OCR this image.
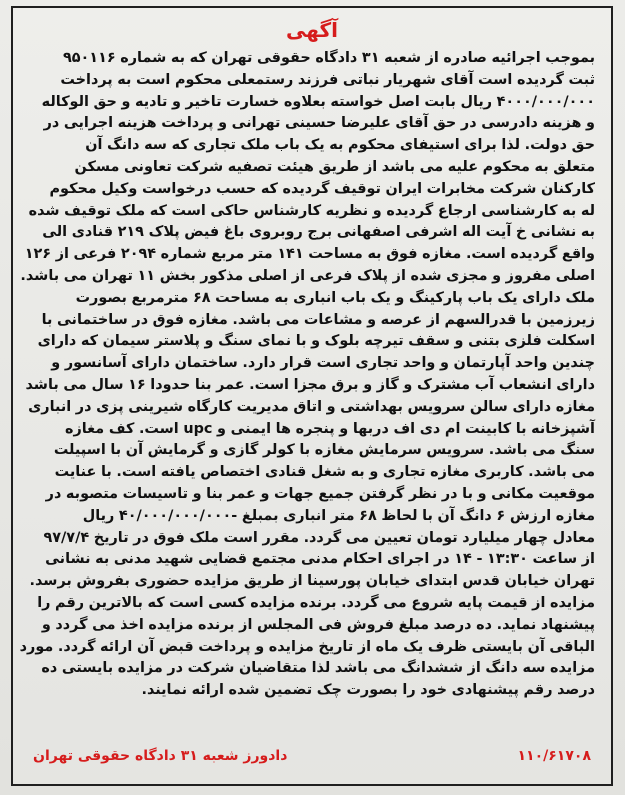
آگهی
بموجب اجرائیه صادره از شعبه ۳۱ دادگاه حقوقی تهران که به شماره ۹۵۰۱۱۶
ثبت گردیده است آقای شهریار نباتی فرزند رستمعلی محکوم است به پرداخت
۴۰۰۰/۰۰۰/۰۰۰ ریال بابت اصل خواسته بعلاوه خسارت تاخیر و تادیه و حق الوکاله
و هزینه دادرسی در حق آقای علیرضا حسینی تهرانی و پرداخت هزینه اجرایی در
حق دولت. لذا برای استیفای محکوم به یک باب ملک تجاری که سه دانگ آن
متعلق به محکوم علیه می باشد از طریق هیئت تصفیه شرکت تعاونی مسکن
کارکنان شرکت مخابرات ایران توقیف گردیده که حسب درخواست وکیل محکوم
له به کارشناسی ارجاع گردیده و نظریه کارشناس حاکی است که ملک توقیف شده
به نشانی خ آیت اله اشرفی اصفهانی برج روبروی باغ فیض پلاک ۲۱۹ قنادی الی
واقع گردیده است. مغازه فوق به مساحت ۱۴۱ متر مربع شماره ۲۰۹۴ فرعی از ۱۲۶
اصلی مفروز و مجزی شده از پلاک فرعی از اصلی مذکور بخش ۱۱ تهران می باشد.
ملک دارای یک باب پارکینگ و یک باب انباری به مساحت ۶۸ مترمربع بصورت
زیرزمین با قدرالسهم از عرصه و مشاعات می باشد. مغازه فوق در ساختمانی با
اسکلت فلزی بتنی و سقف تیرچه بلوک و با نمای سنگ و پلاستر سیمان که دارای
چندین واحد آپارتمان و واحد تجاری است قرار دارد. ساختمان دارای آسانسور و
دارای انشعاب آب مشترک و گاز و برق مجزا است. عمر بنا حدودا ۱۶ سال می باشد
مغازه دارای سالن سرویس بهداشتی و اتاق مدیریت کارگاه شیرینی پزی در انباری
آشپزخانه با کابینت ام دی اف دربها و پنجره ها ایمنی و upc است. کف مغازه
سنگ می باشد. سرویس سرمایش مغازه با کولر گازی و گرمایش آن با اسپیلت
می باشد. کاربری مغازه تجاری و به شغل قنادی اختصاص یافته است. با عنایت
موقعیت مکانی و با در نظر گرفتن جمیع جهات و عمر بنا و تاسیسات متصوبه در
مغازه ارزش ۶ دانگ آن با لحاظ ۶۸ متر انباری بمبلغ -۴۰/۰۰۰/۰۰۰/۰۰۰ ریال
معادل چهار میلیارد تومان تعیین می گردد. مقرر است ملک فوق در تاریخ ۹۷/۷/۴
از ساعت ۱۳:۳۰ - ۱۴ در اجرای احکام مدنی مجتمع قضایی شهید مدنی به نشانی
تهران خیابان قدس ابتدای خیابان پورسینا از طریق مزایده حضوری بفروش برسد.
مزایده از قیمت پایه شروع می گردد. برنده مزایده کسی است که بالاترین رقم را
پیشنهاد نماید. ده درصد مبلغ فروش فی المجلس از برنده مزایده اخذ می گردد و
الباقی آن بایستی ظرف یک ماه از تاریخ مزایده و پرداخت قبض آن ارائه گردد. مورد
مزایده سه دانگ از ششدانگ می باشد لذا متقاضیان شرکت در مزایده بایستی ده
درصد رقم پیشنهادی خود را بصورت چک تضمین شده ارائه نمایند.
دادورز شعبه ۳۱ دادگاه حقوقی تهران	۱۱۰/۶۱۷۰۸
